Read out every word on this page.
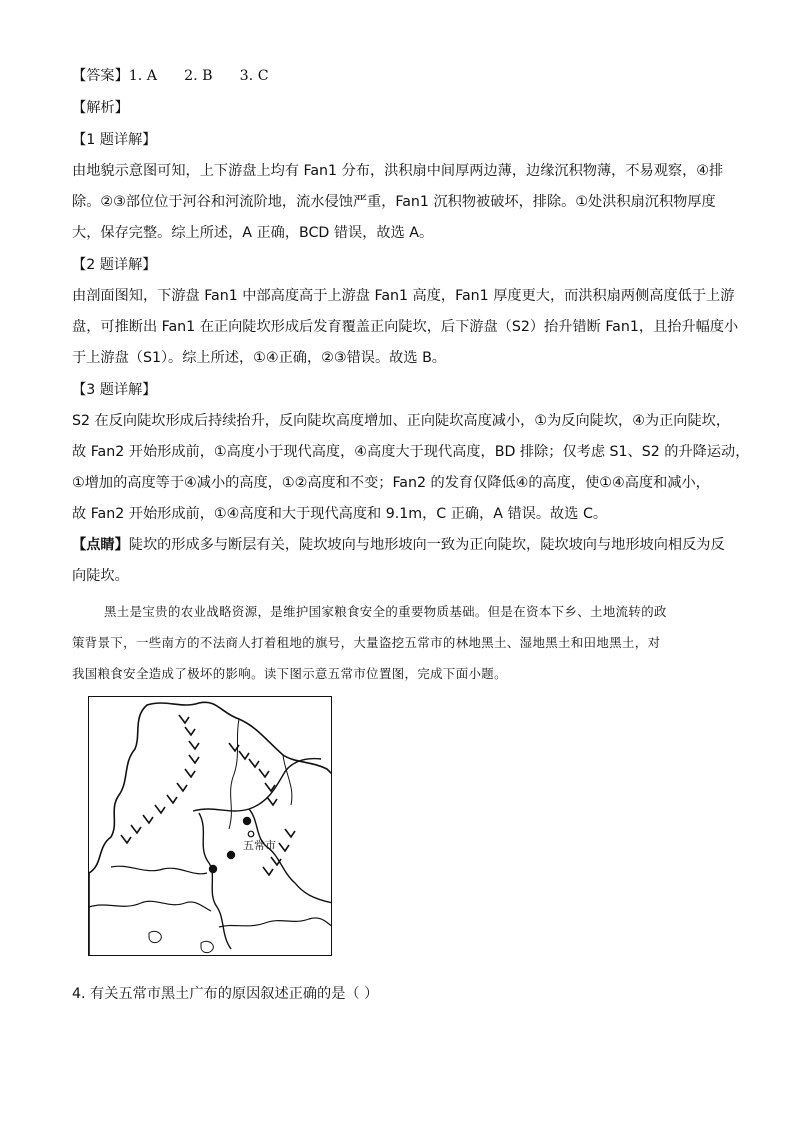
【答案】1. A      2. B      3. C
【解析】
【1 题详解】
由地貌示意图可知，上下游盘上均有 Fan1 分布，洪积扇中间厚两边薄，边缘沉积物薄，不易观察，④排
除。②③部位位于河谷和河流阶地，流水侵蚀严重，Fan1 沉积物被破坏，排除。①处洪积扇沉积物厚度
大，保存完整。综上所述，A 正确，BCD 错误，故选 A。
【2 题详解】
由剖面图知，下游盘 Fan1 中部高度高于上游盘 Fan1 高度，Fan1 厚度更大，而洪积扇两侧高度低于上游
盘，可推断出 Fan1 在正向陡坎形成后发育覆盖正向陡坎，后下游盘（S2）抬升错断 Fan1，且抬升幅度小
于上游盘（S1）。综上所述，①④正确，②③错误。故选 B。
【3 题详解】
S2 在反向陡坎形成后持续抬升，反向陡坎高度增加、正向陡坎高度减小，①为反向陡坎，④为正向陡坎，
故 Fan2 开始形成前，①高度小于现代高度，④高度大于现代高度，BD 排除；仅考虑 S1、S2 的升降运动，
①增加的高度等于④减小的高度，①②高度和不变；Fan2 的发育仅降低④的高度，使①④高度和减小，
故 Fan2 开始形成前，①④高度和大于现代高度和 9.1m，C 正确，A 错误。故选 C。
【点睛】陡坎的形成多与断层有关，陡坎坡向与地形坡向一致为正向陡坎，陡坎坡向与地形坡向相反为反
向陡坎。
黑土是宝贵的农业战略资源，是维护国家粮食安全的重要物质基础。但是在资本下乡、土地流转的政
策背景下，一些南方的不法商人打着租地的旗号，大量盗挖五常市的林地黑土、湿地黑土和田地黑土，对
我国粮食安全造成了极坏的影响。读下图示意五常市位置图，完成下面小题。
五常市
4. 有关五常市黑土广布的原因叙述正确的是（ ）
